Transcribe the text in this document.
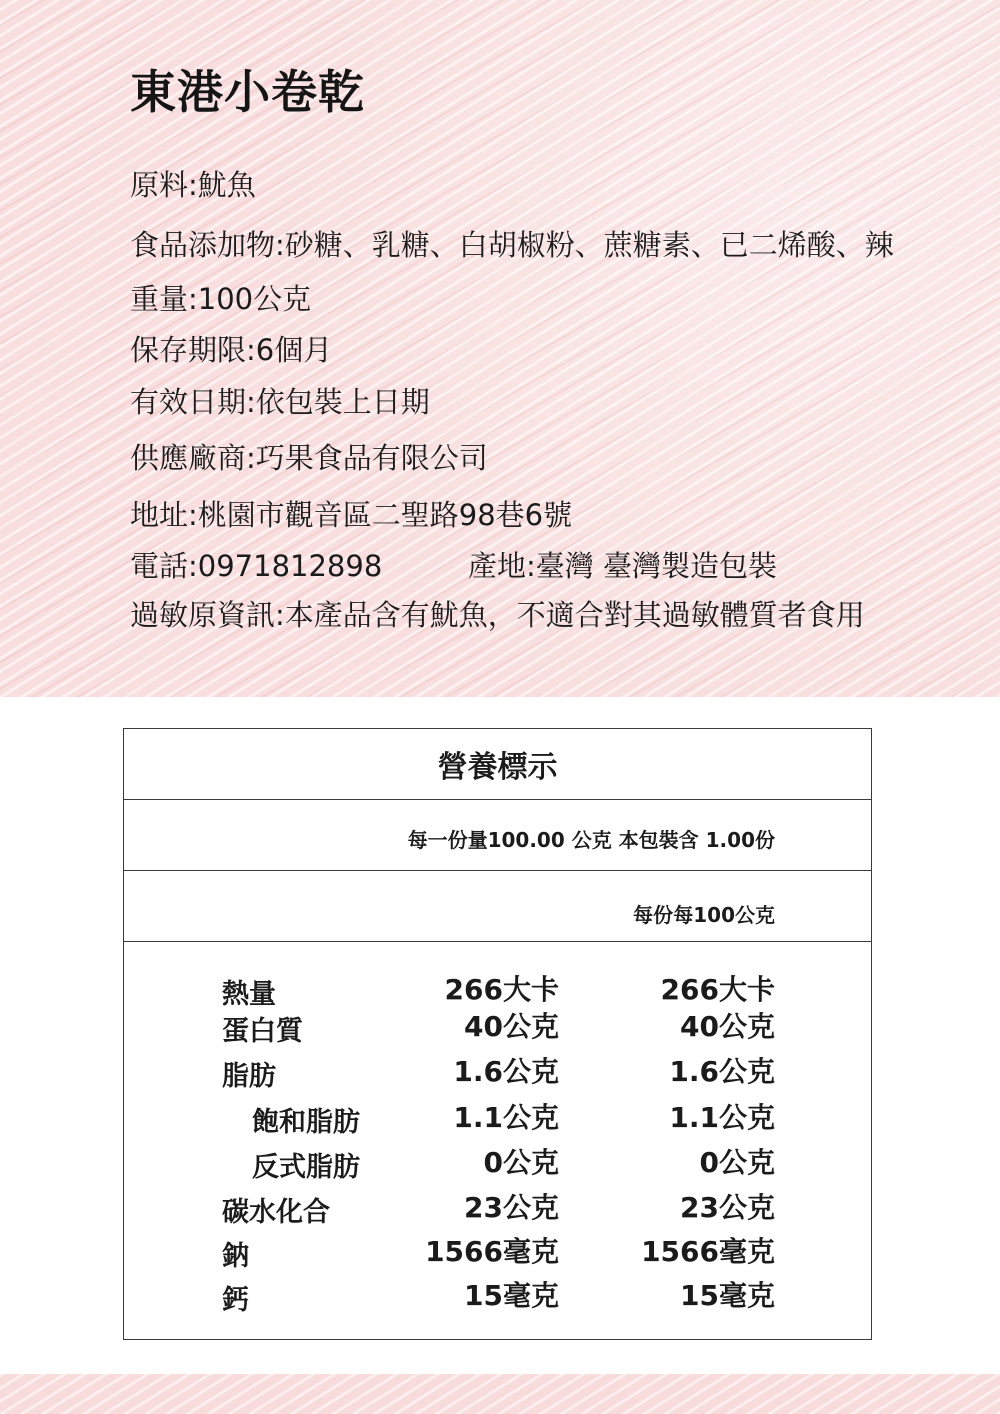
東港小卷乾

原料:魷魚

食品添加物:砂糖、乳糖、白胡椒粉、蔗糖素、已二烯酸、辣

重量:100公克

保存期限:6個月

有效日期:依包裝上日期

供應廠商:巧果食品有限公司

地址:桃園市觀音區二聖路98巷6號

電話:0971812898	產地:臺灣 臺灣製造包裝

過敏原資訊:本產品含有魷魚，不適合對其過敏體質者食用

營養標示
每一份量100.00 公克 本包裝含 1.00份
每份 每100公克
熱量	266大卡	266大卡
蛋白質	40公克	40公克
脂肪	1.6公克	1.6公克
飽和脂肪	1.1公克	1.1公克
反式脂肪	0公克	0公克
碳水化合	23公克	23公克
鈉	1566毫克	1566毫克
鈣	15毫克	15毫克
